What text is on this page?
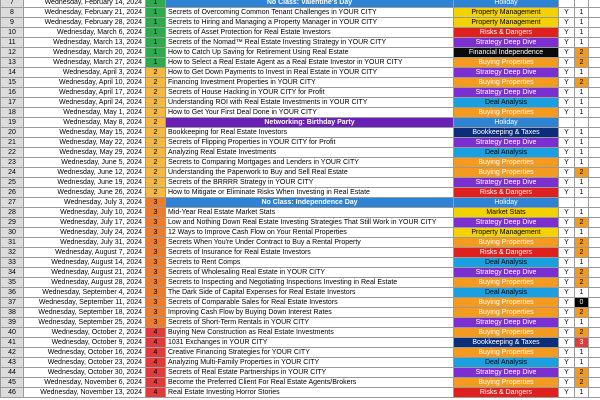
7	Wednesday, February 14, 2024	1	No Class: Valentine's Day	Holiday
8	Wednesday, February 21, 2024	1	Secrets of Overcoming Common Tenant Challenges in YOUR CITY	Property Management	Y	1
9	Wednesday, February 28, 2024	1	Secrets to Hiring and Managing a Property Manager in YOUR CITY	Property Management	Y	1
10	Wednesday, March 6, 2024	1	Secrets of Asset Protection for Real Estate Investors	Risks & Dangers	Y	1
11	Wednesday, March 13, 2024	1	Secrets of the Nomad™ Real Estate Investing Strategy in YOUR CITY	Strategy Deep Dive	Y	1
12	Wednesday, March 20, 2024	1	How to Catch Up Saving for Retirement Using Real Estate	Financial Independence	Y	2
13	Wednesday, March 27, 2024	1	How to Select a Real Estate Agent as a Real Estate Investor in YOUR CITY	Buying Properties	Y	2
14	Wednesday, April 3, 2024	2	How to Get Down Payments to Invest in Real Estate in YOUR CITY	Strategy Deep Dive	Y	1
15	Wednesday, April 10, 2024	2	Financing Investment Properties in YOUR CITY	Buying Properties	Y	2
16	Wednesday, April 17, 2024	2	Secrets of House Hacking in YOUR CITY for Profit	Strategy Deep Dive	Y	1
17	Wednesday, April 24, 2024	2	Understanding ROI with Real Estate Investments in YOUR CITY	Deal Analysis	Y	1
18	Wednesday, May 1, 2024	2	How to Get Your First Deal Done in YOUR CITY	Buying Properties	Y	1
19	Wednesday, May 8, 2024	2	Networking: Birthday Party	Holiday
20	Wednesday, May 15, 2024	2	Bookkeeping for Real Estate Investors	Bookkeeping & Taxes	Y	1
21	Wednesday, May 22, 2024	2	Secrets of Flipping Properties in YOUR CITY for Profit	Strategy Deep Dive	Y	1
22	Wednesday, May 29, 2024	2	Analyzing Real Estate Investments	Deal Analysis	Y	1
23	Wednesday, June 5, 2024	2	Secrets to Comparing Mortgages and Lenders in YOUR CITY	Buying Properties	Y	1
24	Wednesday, June 12, 2024	2	Understanding the Paperwork to Buy and Sell Real Estate	Buying Properties	Y	2
25	Wednesday, June 19, 2024	2	Secrets of the BRRRR Strategy in YOUR CITY	Strategy Deep Dive	Y	1
26	Wednesday, June 26, 2024	2	How to Mitigate or Eliminate Risks When Investing in Real Estate	Risks & Dangers	Y	1
27	Wednesday, July 3, 2024	3	No Class: Independence Day	Holiday
28	Wednesday, July 10, 2024	3	Mid-Year Real Estate Market Stats	Market Stats	Y	1
29	Wednesday, July 17, 2024	3	Low and Nothing Down Real Estate Investing Strategies That Still Work in YOUR CITY	Strategy Deep Dive	Y	2
30	Wednesday, July 24, 2024	3	12 Ways to Improve Cash Flow on Your Rental Properties	Property Management	Y	1
31	Wednesday, July 31, 2024	3	Secrets When You're Under Contract to Buy a Rental Property	Buying Properties	Y	2
32	Wednesday, August 7, 2024	3	Secrets of Insurance for Real Estate Investors	Risks & Dangers	Y	2
33	Wednesday, August 14, 2024	3	Secrets to Rent Comps	Deal Analysis	Y	1
34	Wednesday, August 21, 2024	3	Secrets of Wholesaling Real Estate in YOUR CITY	Strategy Deep Dive	Y	2
35	Wednesday, August 28, 2024	3	Secrets to Inspecting and Negotiating Inspections Investing in Real Estate	Buying Properties	Y	2
36	Wednesday, September 4, 2024	3	The Dark Side of Capital Expenses for Real Estate Investors	Deal Analysis	Y	1
37	Wednesday, September 11, 2024	3	Secrets of Comparable Sales for Real Estate Investors	Buying Properties	Y	0
38	Wednesday, September 18, 2024	3	Improving Cash Flow by Buying Down Interest Rates	Buying Properties	Y	2
39	Wednesday, September 25, 2024	3	Secrets of Short-Term Rentals in YOUR CITY	Strategy Deep Dive	Y	1
40	Wednesday, October 2, 2024	4	Buying New Construction as Real Estate Investments	Buying Properties	Y	2
41	Wednesday, October 9, 2024	4	1031 Exchanges in YOUR CITY	Bookkeeping & Taxes	Y	3
42	Wednesday, October 16, 2024	4	Creative Financing Strategies for YOUR CITY	Buying Properties	Y	1
43	Wednesday, October 23, 2024	4	Analyzing Multi-Family Properties in YOUR CITY	Deal Analysis	Y	1
44	Wednesday, October 30, 2024	4	Secrets of Real Estate Partnerships in YOUR CITY	Strategy Deep Dive	Y	2
45	Wednesday, November 6, 2024	4	Become the Preferred Client For Real Estate Agents/Brokers	Buying Properties	Y	2
46	Wednesday, November 13, 2024	4	Real Estate Investing Horror Stories	Risks & Dangers	Y	1
